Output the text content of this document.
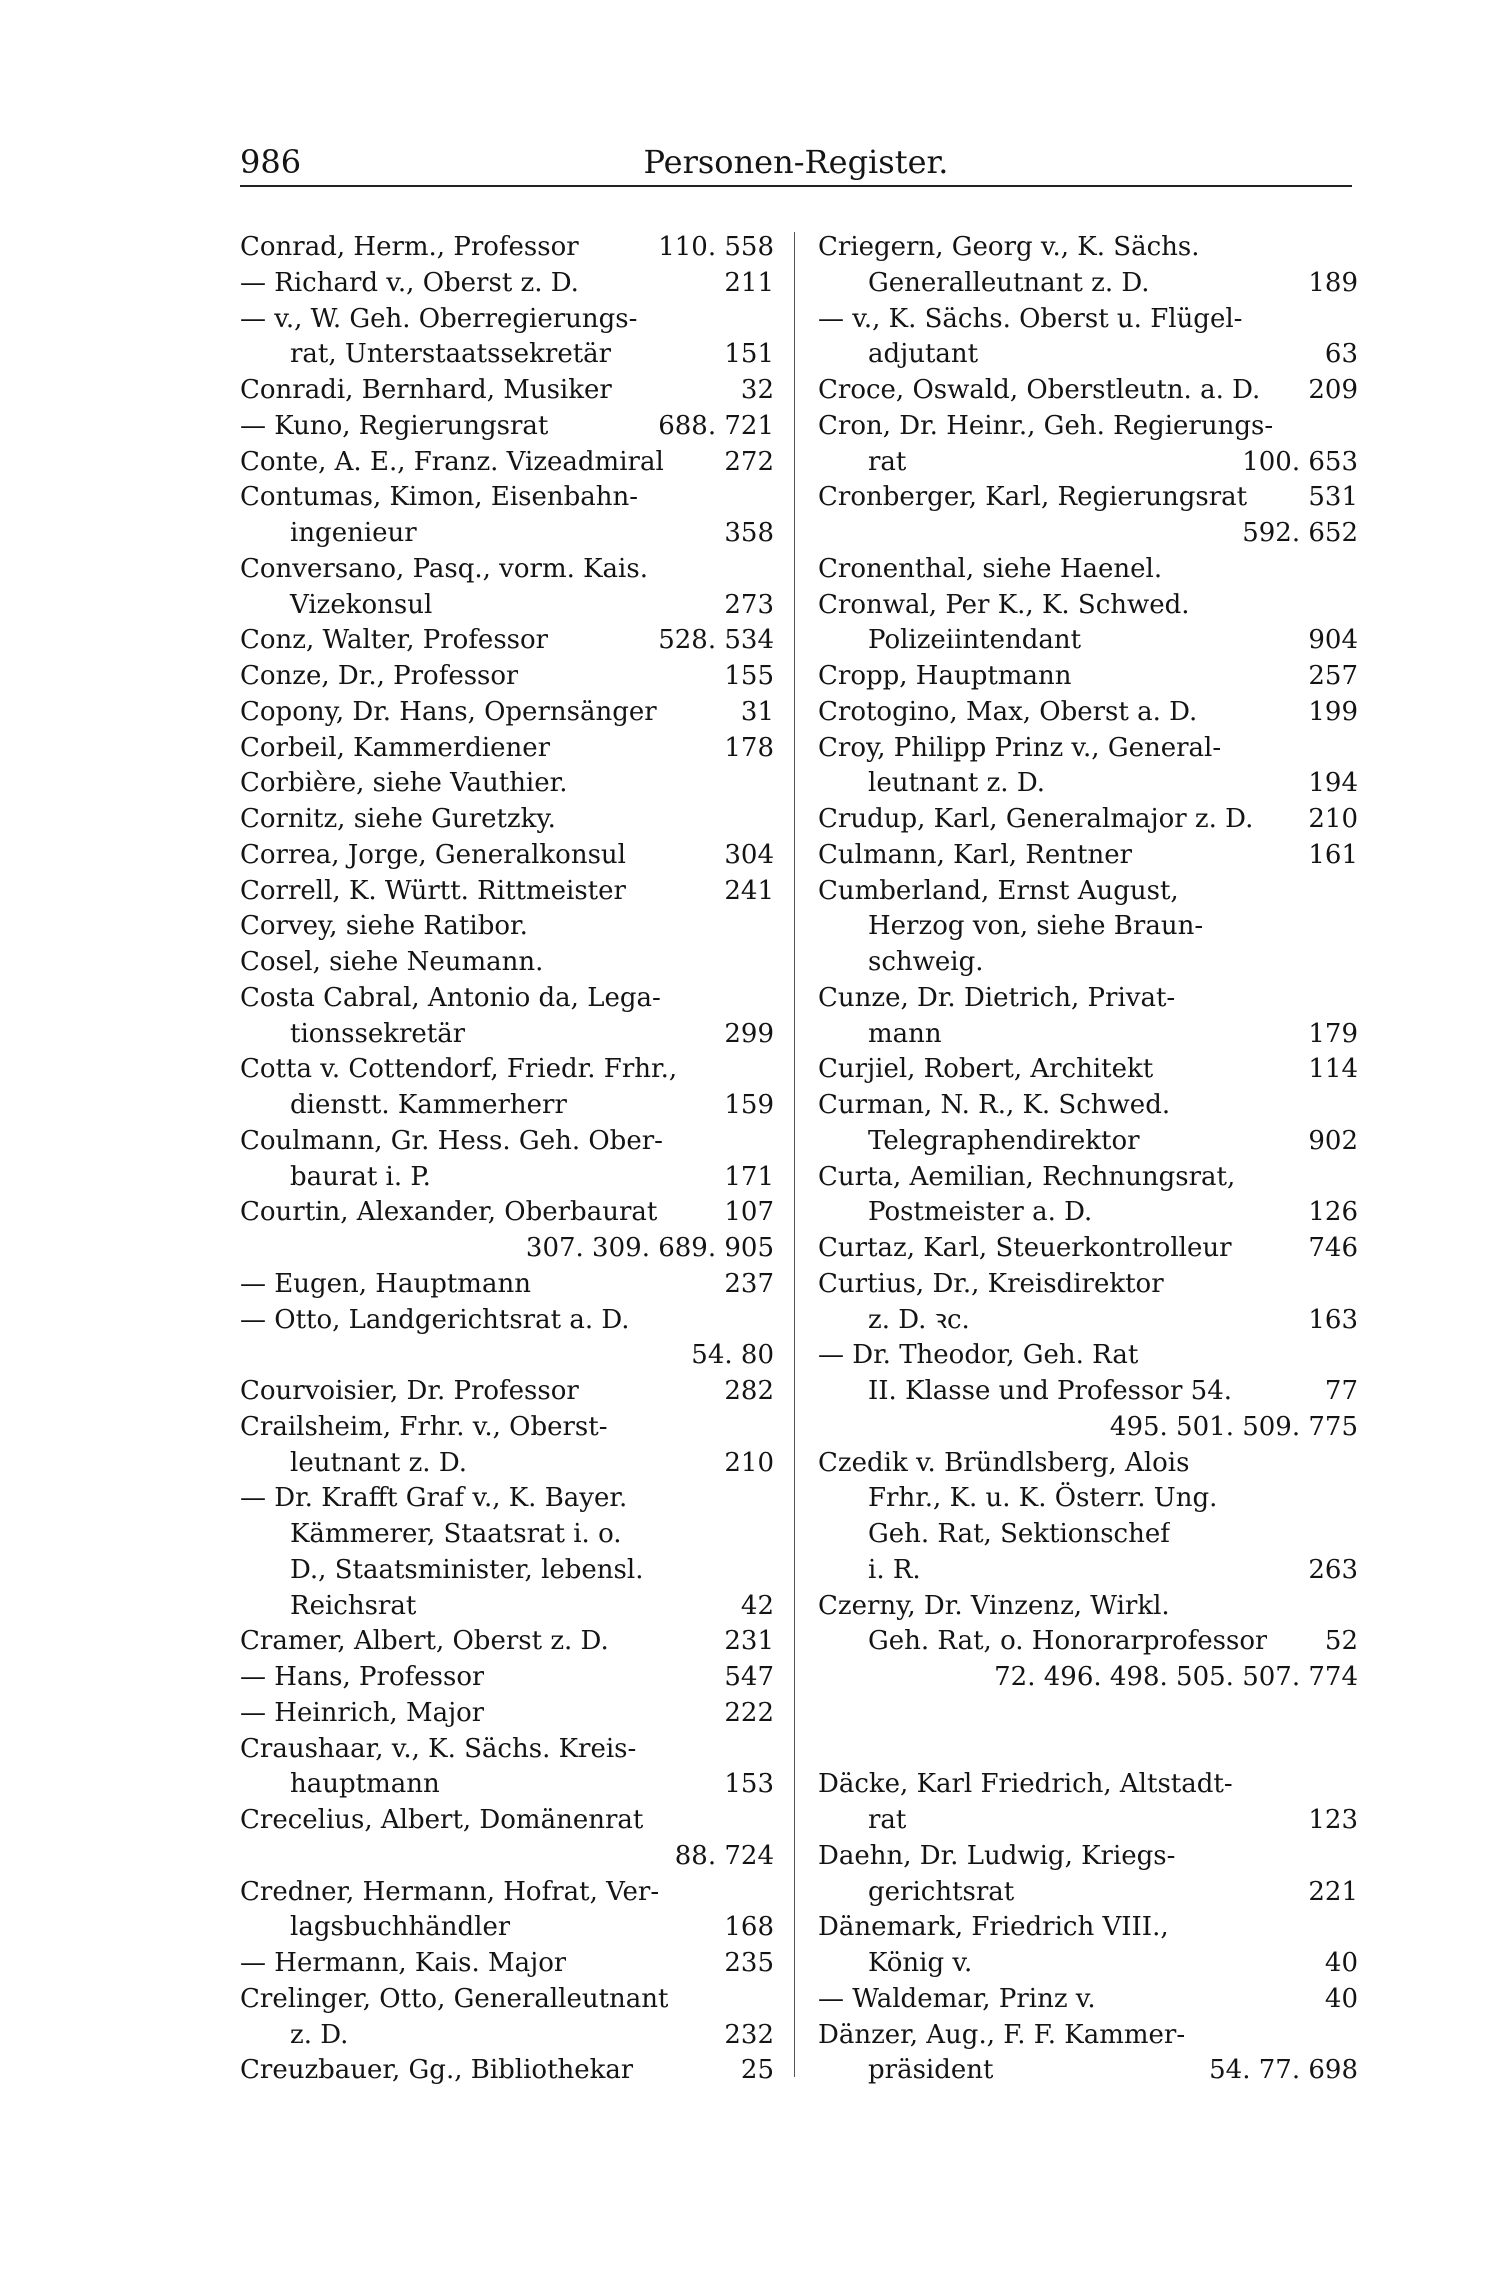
986	Personen-Register.
Conrad, Herm., Professor	110. 558
— Richard v., Oberst z. D.	211
— v., W. Geh. Oberregierungs-
rat, Unterstaatssekretär	151
Conradi, Bernhard, Musiker	32
— Kuno, Regierungsrat	688. 721
Conte, A. E., Franz. Vizeadmiral	272
Contumas, Kimon, Eisenbahn-
ingenieur	358
Conversano, Pasq., vorm. Kais.
Vizekonsul	273
Conz, Walter, Professor	528. 534
Conze, Dr., Professor	155
Copony, Dr. Hans, Opernsänger	31
Corbeil, Kammerdiener	178
Corbière, siehe Vauthier.
Cornitz, siehe Guretzky.
Correa, Jorge, Generalkonsul	304
Correll, K. Württ. Rittmeister	241
Corvey, siehe Ratibor.
Cosel, siehe Neumann.
Costa Cabral, Antonio da, Lega-
tionssekretär	299
Cotta v. Cottendorf, Friedr. Frhr.,
dienstt. Kammerherr	159
Coulmann, Gr. Hess. Geh. Ober-
baurat i. P.	171
Courtin, Alexander, Oberbaurat	107
307. 309. 689. 905
— Eugen, Hauptmann	237
— Otto, Landgerichtsrat a. D.
54. 80
Courvoisier, Dr. Professor	282
Crailsheim, Frhr. v., Oberst-
leutnant z. D.	210
— Dr. Krafft Graf v., K. Bayer.
Kämmerer, Staatsrat i. o.
D., Staatsminister, lebensl.
Reichsrat	42
Cramer, Albert, Oberst z. D.	231
— Hans, Professor	547
— Heinrich, Major	222
Craushaar, v., K. Sächs. Kreis-
hauptmann	153
Crecelius, Albert, Domänenrat
88. 724
Credner, Hermann, Hofrat, Ver-
lagsbuchhändler	168
— Hermann, Kais. Major	235
Crelinger, Otto, Generalleutnant
z. D.	232
Creuzbauer, Gg., Bibliothekar	25
Criegern, Georg v., K. Sächs.
Generalleutnant z. D.	189
— v., K. Sächs. Oberst u. Flügel-
adjutant	63
Croce, Oswald, Oberstleutn. a. D.	209
Cron, Dr. Heinr., Geh. Regierungs-
rat	100. 653
Cronberger, Karl, Regierungsrat	531
592. 652
Cronenthal, siehe Haenel.
Cronwal, Per K., K. Schwed.
Polizeiintendant	904
Cropp, Hauptmann	257
Crotogino, Max, Oberst a. D.	199
Croy, Philipp Prinz v., General-
leutnant z. D.	194
Crudup, Karl, Generalmajor z. D.	210
Culmann, Karl, Rentner	161
Cumberland, Ernst August,
Herzog von, siehe Braun-
schweig.
Cunze, Dr. Dietrich, Privat-
mann	179
Curjiel, Robert, Architekt	114
Curman, N. R., K. Schwed.
Telegraphendirektor	902
Curta, Aemilian, Rechnungsrat,
Postmeister a. D.	126
Curtaz, Karl, Steuerkontrolleur	746
Curtius, Dr., Kreisdirektor
z. D. ꝛc.	163
— Dr. Theodor, Geh. Rat
II. Klasse und Professor 54.	77
495. 501. 509. 775
Czedik v. Bründlsberg, Alois
Frhr., K. u. K. Österr. Ung.
Geh. Rat, Sektionschef
i. R.	263
Czerny, Dr. Vinzenz, Wirkl.
Geh. Rat, o. Honorarprofessor	52
72. 496. 498. 505. 507. 774
Däcke, Karl Friedrich, Altstadt-
rat	123
Daehn, Dr. Ludwig, Kriegs-
gerichtsrat	221
Dänemark, Friedrich VIII.,
König v.	40
— Waldemar, Prinz v.	40
Dänzer, Aug., F. F. Kammer-
präsident	54. 77. 698
